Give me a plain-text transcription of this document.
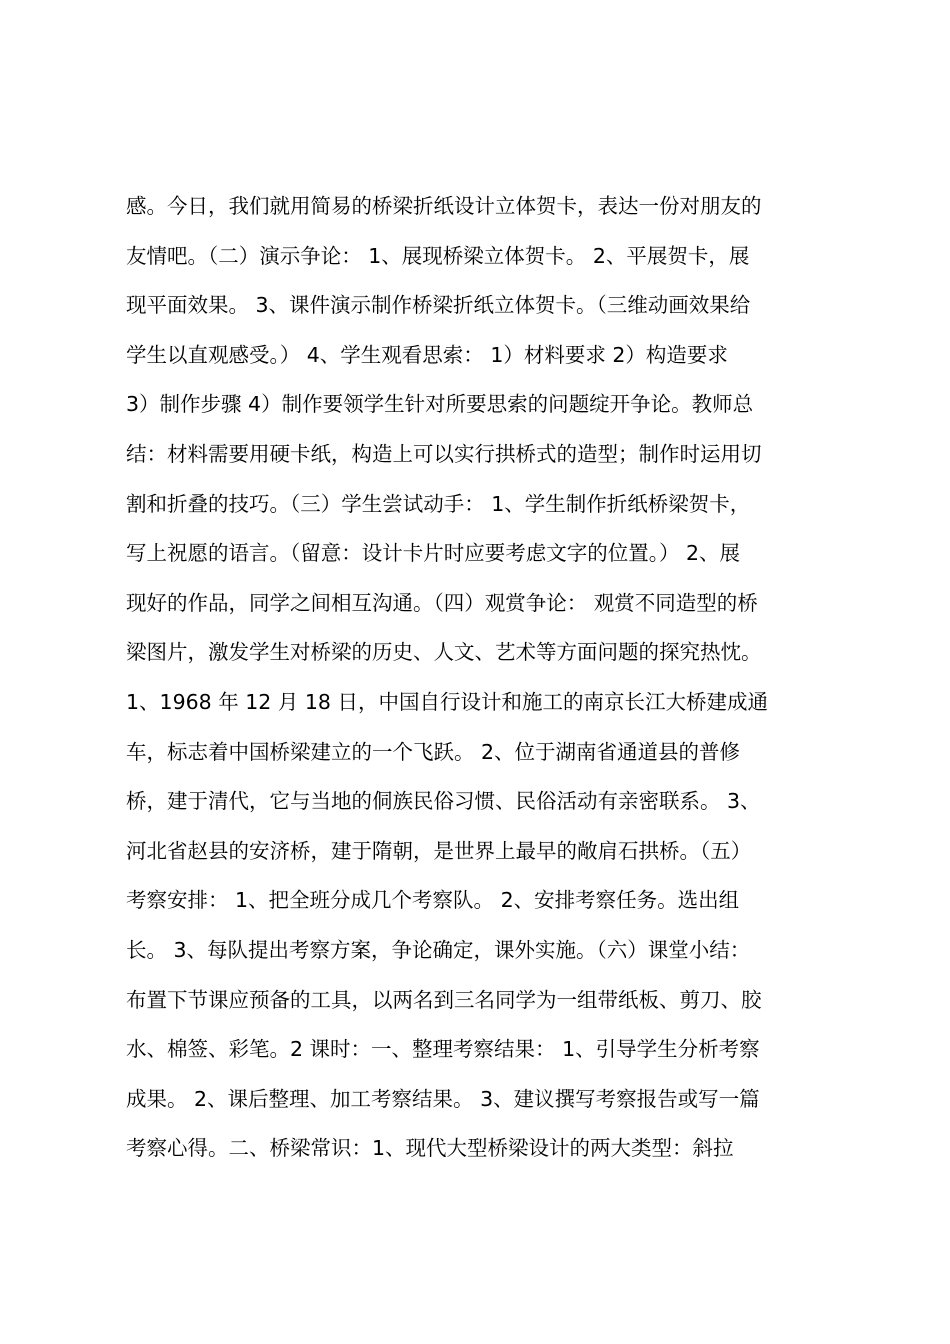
感。今日，我们就用简易的桥梁折纸设计立体贺卡，表达一份对朋友的
友情吧。（二）演示争论： 1、展现桥梁立体贺卡。 2、平展贺卡，展
现平面效果。 3、课件演示制作桥梁折纸立体贺卡。（三维动画效果给
学生以直观感受。） 4、学生观看思索： 1）材料要求 2）构造要求
3）制作步骤 4）制作要领学生针对所要思索的问题绽开争论。教师总
结：材料需要用硬卡纸，构造上可以实行拱桥式的造型；制作时运用切
割和折叠的技巧。（三）学生尝试动手： 1、学生制作折纸桥梁贺卡，
写上祝愿的语言。（留意：设计卡片时应要考虑文字的位置。） 2、展
现好的作品，同学之间相互沟通。（四）观赏争论： 观赏不同造型的桥
梁图片，激发学生对桥梁的历史、人文、艺术等方面问题的探究热忱。
1、1968 年 12 月 18 日，中国自行设计和施工的南京长江大桥建成通
车，标志着中国桥梁建立的一个飞跃。 2、位于湖南省通道县的普修
桥，建于清代，它与当地的侗族民俗习惯、民俗活动有亲密联系。 3、
河北省赵县的安济桥，建于隋朝，是世界上最早的敞肩石拱桥。（五）
考察安排： 1、把全班分成几个考察队。 2、安排考察任务。选出组
长。 3、每队提出考察方案，争论确定，课外实施。（六）课堂小结：
布置下节课应预备的工具，以两名到三名同学为一组带纸板、剪刀、胶
水、棉签、彩笔。2 课时：一、整理考察结果： 1、引导学生分析考察
成果。 2、课后整理、加工考察结果。 3、建议撰写考察报告或写一篇
考察心得。二、桥梁常识：1、现代大型桥梁设计的两大类型：斜拉
